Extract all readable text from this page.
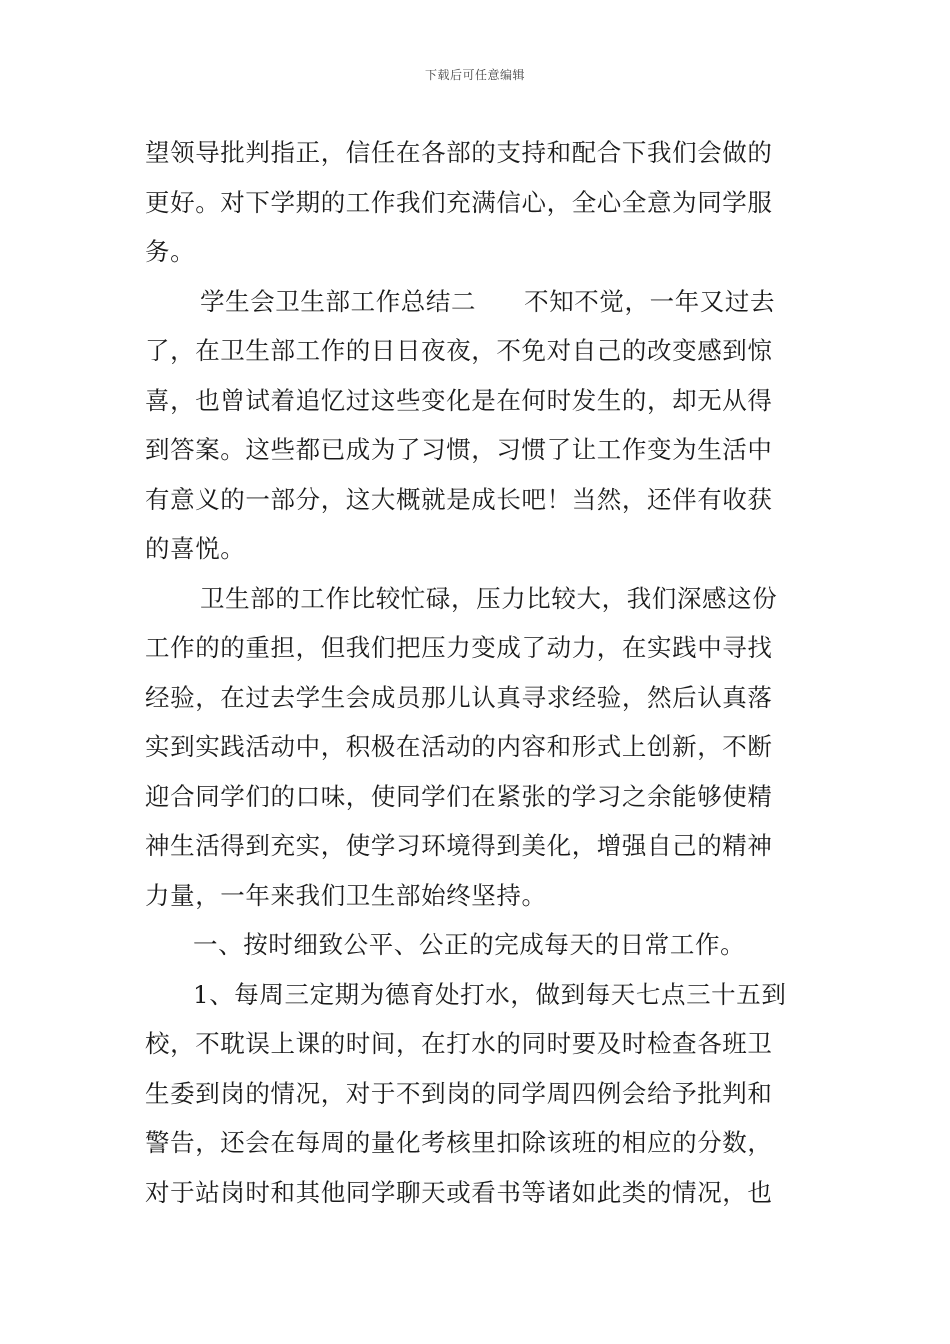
下载后可任意编辑
望领导批判指正，信任在各部的支持和配合下我们会做的
更好。对下学期的工作我们充满信心，全心全意为同学服
务。
学生会卫生部工作总结二 不知不觉，一年又过去
了，在卫生部工作的日日夜夜，不免对自己的改变感到惊
喜，也曾试着追忆过这些变化是在何时发生的，却无从得
到答案。这些都已成为了习惯，习惯了让工作变为生活中
有意义的一部分，这大概就是成长吧！当然，还伴有收获
的喜悦。
卫生部的工作比较忙碌，压力比较大，我们深感这份
工作的的重担，但我们把压力变成了动力，在实践中寻找
经验，在过去学生会成员那儿认真寻求经验，然后认真落
实到实践活动中，积极在活动的内容和形式上创新，不断
迎合同学们的口味，使同学们在紧张的学习之余能够使精
神生活得到充实，使学习环境得到美化，增强自己的精神
力量，一年来我们卫生部始终坚持。
一、按时细致公平、公正的完成每天的日常工作。
1、每周三定期为德育处打水，做到每天七点三十五到
校，不耽误上课的时间，在打水的同时要及时检查各班卫
生委到岗的情况，对于不到岗的同学周四例会给予批判和
警告，还会在每周的量化考核里扣除该班的相应的分数，
对于站岗时和其他同学聊天或看书等诸如此类的情况，也
